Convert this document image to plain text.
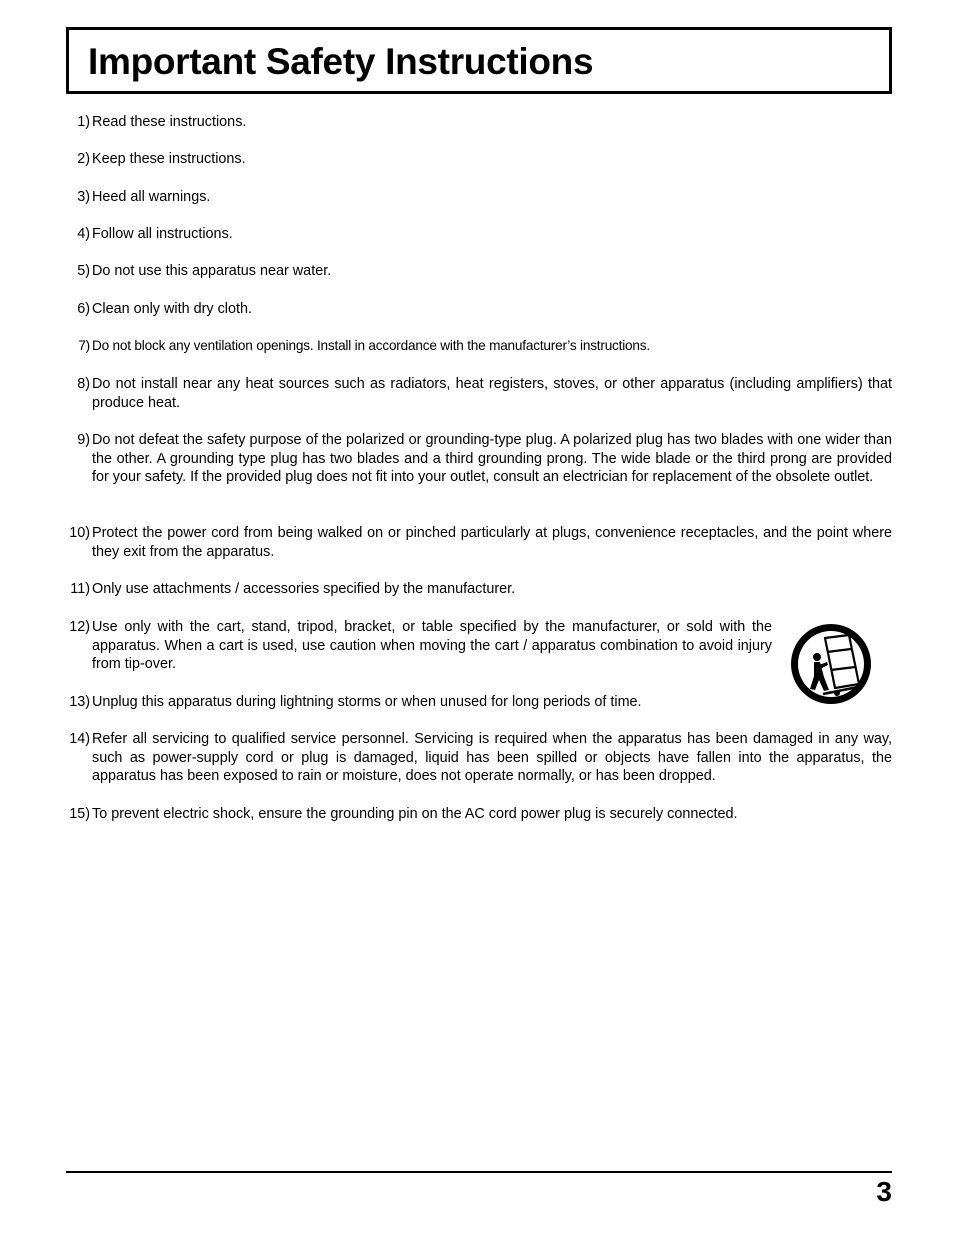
Important Safety Instructions
1) Read these instructions.
2) Keep these instructions.
3) Heed all warnings.
4) Follow all instructions.
5) Do not use this apparatus near water.
6) Clean only with dry cloth.
7) Do not block any ventilation openings. Install in accordance with the manufacturer’s instructions.
8) Do not install near any heat sources such as radiators, heat registers, stoves, or other apparatus (including amplifiers) that produce heat.
9) Do not defeat the safety purpose of the polarized or grounding-type plug. A polarized plug has two blades with one wider than the other. A grounding type plug has two blades and a third grounding prong. The wide blade or the third prong are provided for your safety. If the provided plug does not fit into your outlet, consult an electrician for replacement of the obsolete outlet.
10) Protect the power cord from being walked on or pinched particularly at plugs, convenience receptacles, and the point where they exit from the apparatus.
11) Only use attachments / accessories specified by the manufacturer.
12) Use only with the cart, stand, tripod, bracket, or table specified by the manufacturer, or sold with the apparatus. When a cart is used, use caution when moving the cart / apparatus combination to avoid injury from tip-over.
13) Unplug this apparatus during lightning storms or when unused for long periods of time.
14) Refer all servicing to qualified service personnel. Servicing is required when the apparatus has been damaged in any way, such as power-supply cord or plug is damaged, liquid has been spilled or objects have fallen into the apparatus, the apparatus has been exposed to rain or moisture, does not operate normally, or has been dropped.
15) To prevent electric shock, ensure the grounding pin on the AC cord power plug is securely connected.
3
